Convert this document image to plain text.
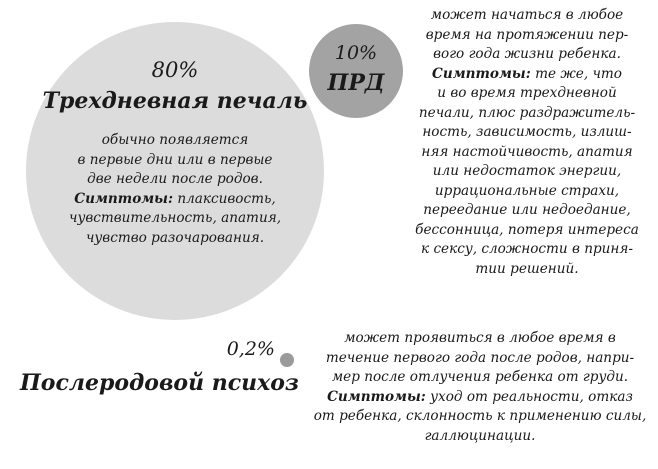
80%
Трехдневная печаль
обычно появляется
в первые дни или в первые
две недели после родов.
Симптомы: плаксивость,
чувствительность, апатия,
чувство разочарования.
10%
ПРД
может начаться в любое
время на протяжении пер-
вого года жизни ребенка.
Симптомы: те же, что
и во время трехдневной
печали, плюс раздражитель-
ность, зависимость, излиш-
няя настойчивость, апатия
или недостаток энергии,
иррациональные страхи,
переедание или недоедание,
бессонница, потеря интереса
к сексу, сложности в приня-
тии решений.
0,2%
Послеродовой психоз
может проявиться в любое время в
течение первого года после родов, напри-
мер после отлучения ребенка от груди.
Симптомы: уход от реальности, отказ
от ребенка, склонность к применению силы,
галлюцинации.
